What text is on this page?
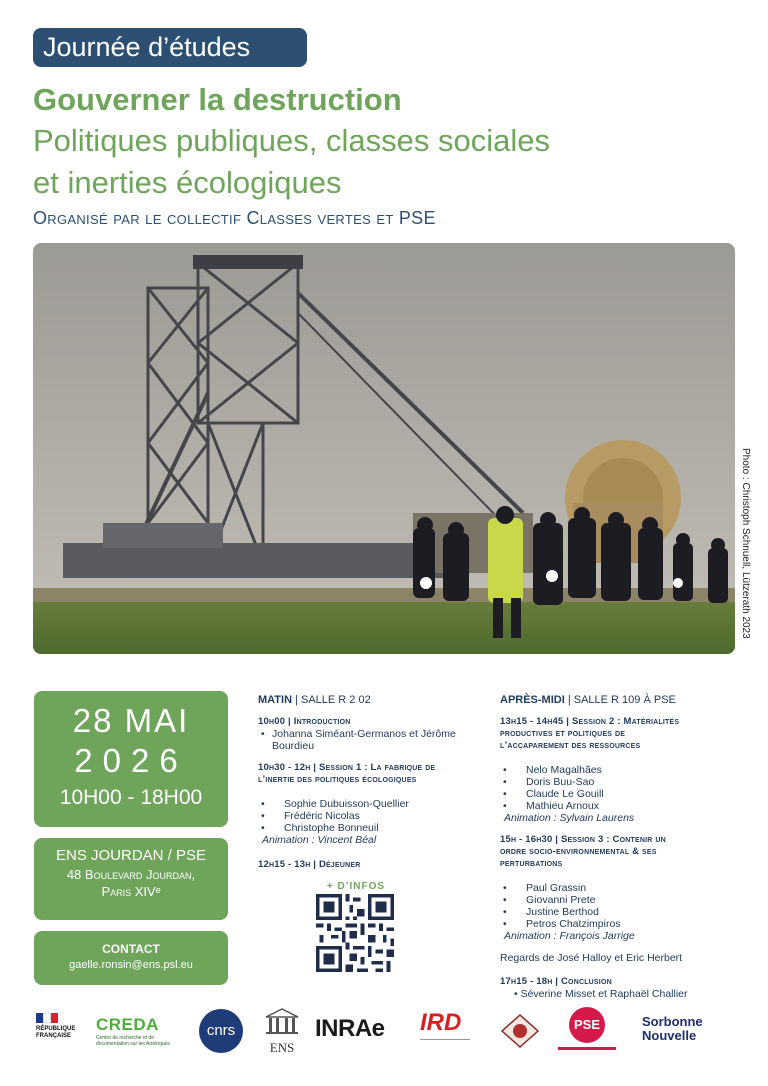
Journée d’études
Gouverner la destruction
Politiques publiques, classes sociales
et inerties écologiques
Organisé par le collectif Classes vertes et PSE
Photo : Christoph Schnuell, Lützerath 2023
28 MAI
2026
10H00 - 18H00
ENS JOURDAN / PSE
48 Boulevard Jourdan,
Paris XIVᵉ
CONTACT
gaelle.ronsin@ens.psl.eu
MATIN | SALLE R 2 02
10h00 | Introduction
• Johanna Siméant-Germanos et Jérôme
Bourdieu
10h30 - 12h | Session 1 : La fabrique de
l’inertie des politiques écologiques
• Sophie Dubuisson-Quellier
• Frédéric Nicolas
• Christophe Bonneuil
Animation : Vincent Béal
12h15 - 13h | Déjeuner
+ D’INFOS
APRÈS-MIDI | SALLE R 109 À PSE
13h15 - 14h45 | Session 2 : Matérialités
productives et politiques de
l’accaparement des ressources
• Nelo Magalhães
• Doris Buu-Sao
• Claude Le Gouill
• Mathieu Arnoux
Animation : Sylvain Laurens
15h - 16h30 | Session 3 : Contenir un
ordre socio-environnemental & ses
perturbations
• Paul Grassin
• Giovanni Prete
• Justine Berthod
• Petros Chatzimpiros
Animation : François Jarrige
Regards de José Halloy et Eric Herbert
17h15 - 18h | Conclusion
• Séverine Misset et Raphaël Challier
RÉPUBLIQUE
FRANÇAISE
CREDA
Centre de recherche et de
documentation sur les Amériques
cnrs
ENS
INRAe IRD	PSE	Sorbonne
Nouvelle
